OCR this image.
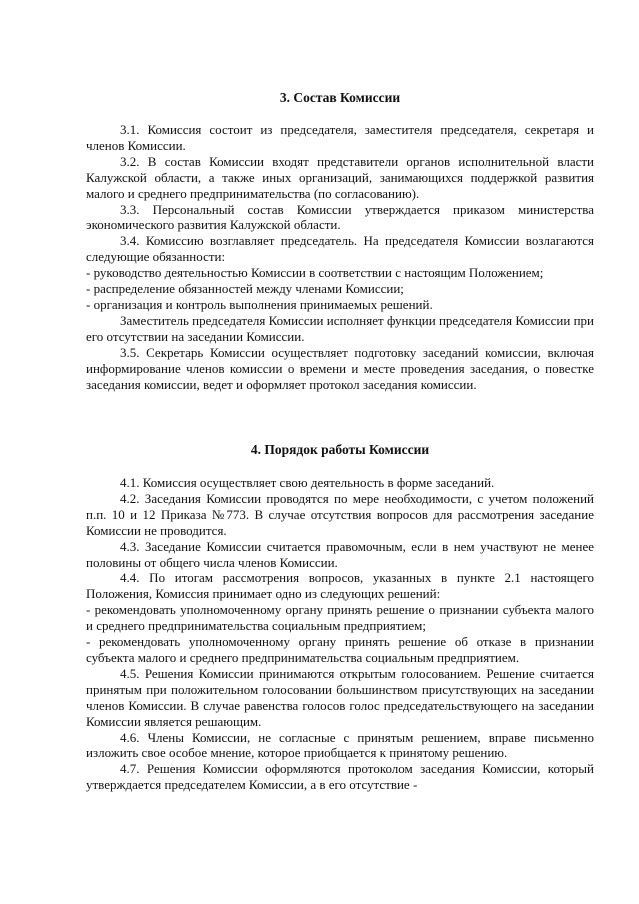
3. Состав Комиссии

3.1. Комиссия состоит из председателя, заместителя председателя, секретаря и членов Комиссии.

3.2. В состав Комиссии входят представители органов исполнительной власти Калужской области, а также иных организаций, занимающихся поддержкой развития малого и среднего предпринимательства (по согласованию).

3.3. Персональный состав Комиссии утверждается приказом министерства экономического развития Калужской области.

3.4. Комиссию возглавляет председатель. На председателя Комиссии возлагаются следующие обязанности:

- руководство деятельностью Комиссии в соответствии с настоящим Положением;

- распределение обязанностей между членами Комиссии;

- организация и контроль выполнения принимаемых решений.

Заместитель председателя Комиссии исполняет функции председателя Комиссии при его отсутствии на заседании Комиссии.

3.5. Секретарь Комиссии осуществляет подготовку заседаний комиссии, включая информирование членов комиссии о времени и месте проведения заседания, о повестке заседания комиссии, ведет и оформляет протокол заседания комиссии.

4. Порядок работы Комиссии

4.1. Комиссия осуществляет свою деятельность в форме заседаний.

4.2. Заседания Комиссии проводятся по мере необходимости, с учетом положений п.п. 10 и 12 Приказа №773. В случае отсутствия вопросов для рассмотрения заседание Комиссии не проводится.

4.3. Заседание Комиссии считается правомочным, если в нем участвуют не менее половины от общего числа членов Комиссии.

4.4. По итогам рассмотрения вопросов, указанных в пункте 2.1 настоящего Положения, Комиссия принимает одно из следующих решений:

- рекомендовать уполномоченному органу принять решение о признании субъекта малого и среднего предпринимательства социальным предприятием;

- рекомендовать уполномоченному органу принять решение об отказе в признании субъекта малого и среднего предпринимательства социальным предприятием.

4.5. Решения Комиссии принимаются открытым голосованием. Решение считается принятым при положительном голосовании большинством присутствующих на заседании членов Комиссии. В случае равенства голосов голос председательствующего на заседании Комиссии является решающим.

4.6. Члены Комиссии, не согласные с принятым решением, вправе письменно изложить свое особое мнение, которое приобщается к принятому решению.

4.7. Решения Комиссии оформляются протоколом заседания Комиссии, который утверждается председателем Комиссии, а в его отсутствие -
